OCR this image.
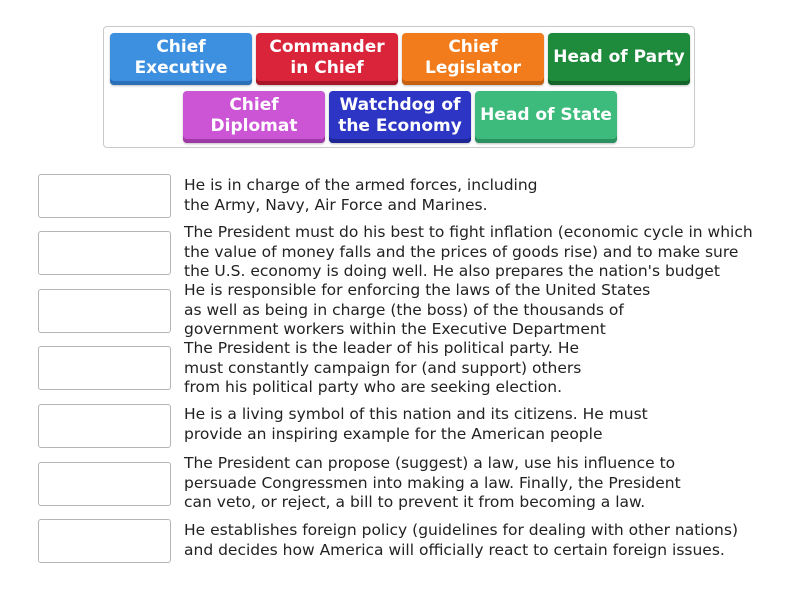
Chief
Executive
Commander
in Chief
Chief
Legislator
Head of Party
Chief
Diplomat
Watchdog of
the Economy
Head of State
He is in charge of the armed forces, including
the Army, Navy, Air Force and Marines.
The President must do his best to fight inflation (economic cycle in which
the value of money falls and the prices of goods rise) and to make sure
the U.S. economy is doing well. He also prepares the nation's budget
He is responsible for enforcing the laws of the United States
as well as being in charge (the boss) of the thousands of
government workers within the Executive Department
The President is the leader of his political party. He
must constantly campaign for (and support) others
from his political party who are seeking election.
He is a living symbol of this nation and its citizens. He must
provide an inspiring example for the American people
The President can propose (suggest) a law, use his influence to
persuade Congressmen into making a law. Finally, the President
can veto, or reject, a bill to prevent it from becoming a law.
He establishes foreign policy (guidelines for dealing with other nations)
and decides how America will officially react to certain foreign issues.
